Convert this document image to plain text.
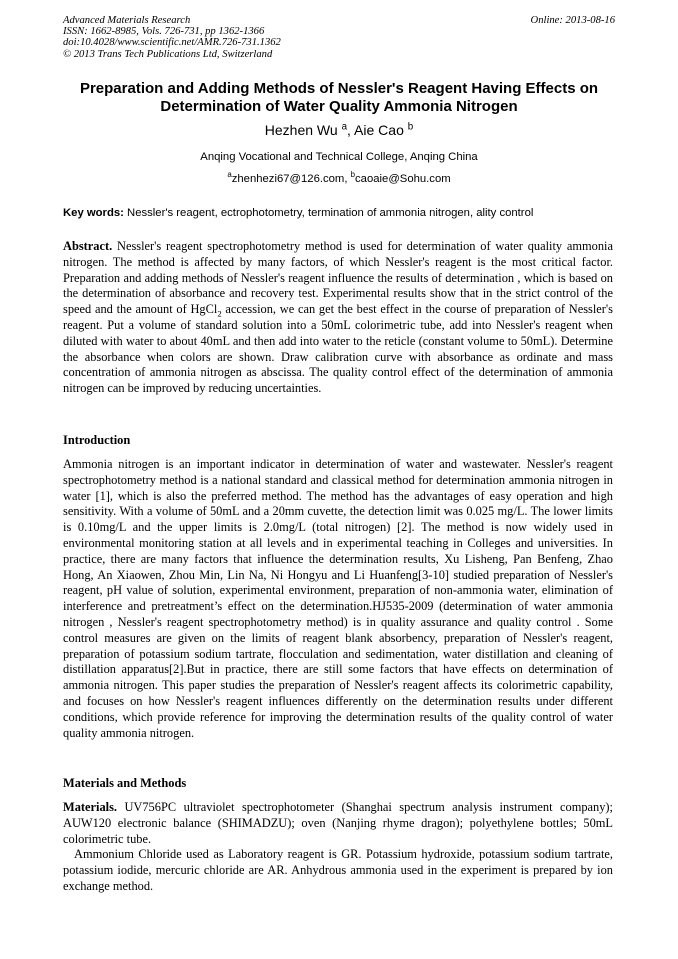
Advanced Materials Research
ISSN: 1662-8985, Vols. 726-731, pp 1362-1366
doi:10.4028/www.scientific.net/AMR.726-731.1362
© 2013 Trans Tech Publications Ltd, Switzerland
Online: 2013-08-16
Preparation and Adding Methods of Nessler's Reagent Having Effects on
Determination of Water Quality Ammonia Nitrogen
Hezhen Wu $^a$, Aie Cao $^b$
Anqing Vocational and Technical College, Anqing China
$^a$zhenhezi67@126.com, $^b$caoaie@Sohu.com
Key words: Nessler's reagent, ectrophotometry, termination of ammonia nitrogen, ality control
Abstract. Nessler's reagent spectrophotometry method is used for determination of water quality ammonia nitrogen. The method is affected by many factors, of which Nessler's reagent is the most critical factor. Preparation and adding methods of Nessler's reagent influence the results of determination , which is based on the determination of absorbance and recovery test. Experimental results show that in the strict control of the speed and the amount of HgCl$_2$ accession, we can get the best effect in the course of preparation of Nessler's reagent. Put a volume of standard solution into a 50mL colorimetric tube, add into Nessler's reagent when diluted with water to about 40mL and then add into water to the reticle (constant volume to 50mL). Determine the absorbance when colors are shown. Draw calibration curve with absorbance as ordinate and mass concentration of ammonia nitrogen as abscissa. The quality control effect of the determination of ammonia nitrogen can be improved by reducing uncertainties.
Introduction
Ammonia nitrogen is an important indicator in determination of water and wastewater. Nessler's reagent spectrophotometry method is a national standard and classical method for determination ammonia nitrogen in water [1], which is also the preferred method. The method has the advantages of easy operation and high sensitivity. With a volume of 50mL and a 20mm cuvette, the detection limit was 0.025 mg/L. The lower limits is 0.10mg/L and the upper limits is 2.0mg/L (total nitrogen) [2]. The method is now widely used in environmental monitoring station at all levels and in experimental teaching in Colleges and universities. In practice, there are many factors that influence the determination results, Xu Lisheng, Pan Benfeng, Zhao Hong, An Xiaowen, Zhou Min, Lin Na, Ni Hongyu and Li Huanfeng[3-10] studied preparation of Nessler's reagent, pH value of solution, experimental environment, preparation of non-ammonia water, elimination of interference and pretreatment’s effect on the determination.HJ535-2009 (determination of water ammonia nitrogen , Nessler's reagent spectrophotometry method) is in quality assurance and quality control . Some control measures are given on the limits of reagent blank absorbency, preparation of Nessler's reagent, preparation of potassium sodium tartrate, flocculation and sedimentation, water distillation and cleaning of distillation apparatus[2].But in practice, there are still some factors that have effects on determination of ammonia nitrogen. This paper studies the preparation of Nessler's reagent affects its colorimetric capability, and focuses on how Nessler's reagent influences differently on the determination results under different conditions, which provide reference for improving the determination results of the quality control of water quality ammonia nitrogen.
Materials and Methods
Materials. UV756PC ultraviolet spectrophotometer (Shanghai spectrum analysis instrument company); AUW120 electronic balance (SHIMADZU); oven (Nanjing rhyme dragon); polyethylene bottles; 50mL colorimetric tube.
Ammonium Chloride used as Laboratory reagent is GR. Potassium hydroxide, potassium sodium tartrate, potassium iodide, mercuric chloride are AR. Anhydrous ammonia used in the experiment is prepared by ion exchange method.
